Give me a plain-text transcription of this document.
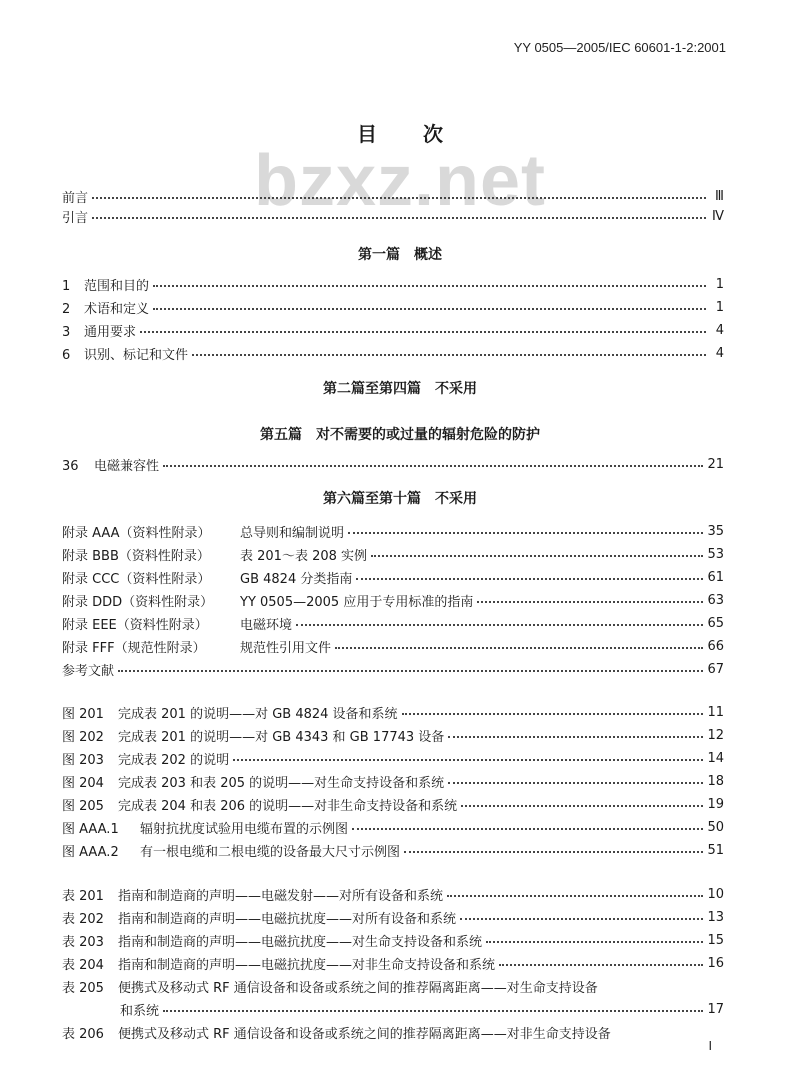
YY 0505—2005/IEC 60601-1-2:2001
bzxz.net
目次
前言	Ⅲ
引言	Ⅳ
第一篇　概述
1 范围和目的	1
2 术语和定义	1
3 通用要求	4
6 识别、标记和文件	4
第二篇至第四篇　不采用
第五篇　对不需要的或过量的辐射危险的防护
36 电磁兼容性	21
第六篇至第十篇　不采用
附录 AAA（资料性附录） 总导则和编制说明	35
附录 BBB（资料性附录） 表 201～表 208 实例	53
附录 CCC（资料性附录） GB 4824 分类指南	61
附录 DDD（资料性附录） YY 0505—2005 应用于专用标准的指南	63
附录 EEE（资料性附录） 电磁环境	65
附录 FFF（规范性附录）	规范性引用文件	66
参考文献	67
图 201 完成表 201 的说明——对 GB 4824 设备和系统	11
图 202 完成表 201 的说明——对 GB 4343 和 GB 17743 设备	12
图 203 完成表 202 的说明	14
图 204 完成表 203 和表 205 的说明——对生命支持设备和系统	18
图 205 完成表 204 和表 206 的说明——对非生命支持设备和系统	19
图 AAA.1 辐射抗扰度试验用电缆布置的示例图	50
图 AAA.2 有一根电缆和二根电缆的设备最大尺寸示例图	51
表 201 指南和制造商的声明——电磁发射——对所有设备和系统	10
表 202 指南和制造商的声明——电磁抗扰度——对所有设备和系统	13
表 203 指南和制造商的声明——电磁抗扰度——对生命支持设备和系统	15
表 204 指南和制造商的声明——电磁抗扰度——对非生命支持设备和系统	16
表 205 便携式及移动式 RF 通信设备和设备或系统之间的推荐隔离距离——对生命支持设备
和系统	17
表 206 便携式及移动式 RF 通信设备和设备或系统之间的推荐隔离距离——对非生命支持设备
Ⅰ
